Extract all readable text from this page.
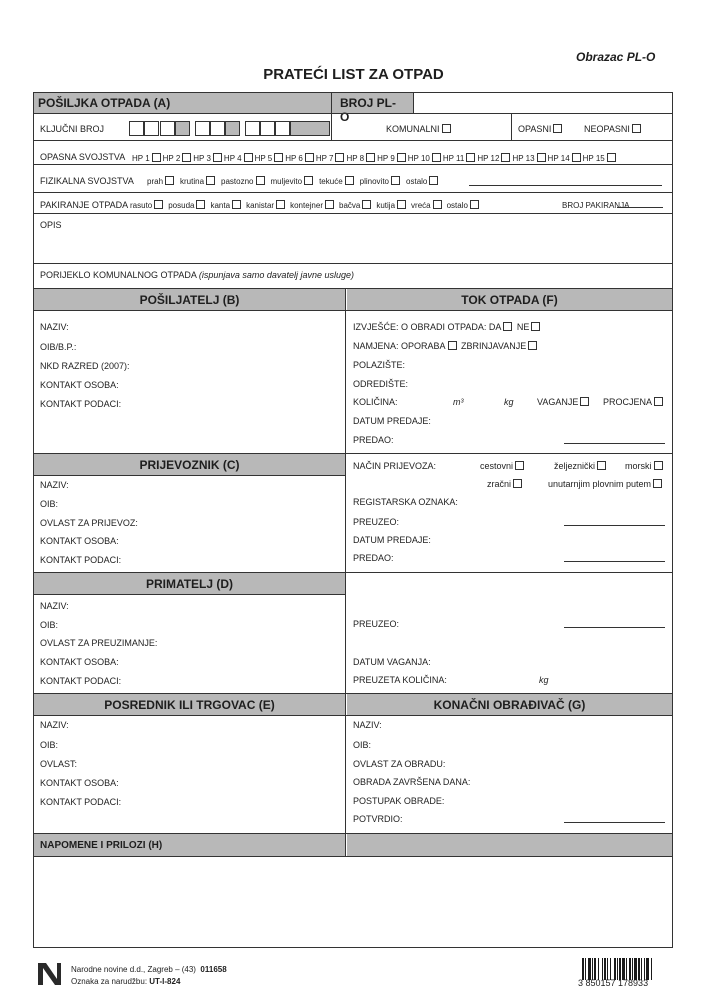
Obrazac PL-O
PRATEĆI LIST ZA OTPAD
POŠILJKA OTPADA (A)	BROJ PL-O
KLJUČNI BROJ	KOMUNALNI	OPASNI	NEOPASNI
OPASNA SVOJSTVA HP 1 HP 2 HP 3 HP 4 HP 5 HP 6 HP 7 HP 8 HP 9 HP 10 HP 11 HP 12 HP 13 HP 14 HP 15
FIZIKALNA SVOJSTVA prah krutina pastozno muljevito tekuće plinovito ostalo
PAKIRANJE OTPADA rasuto posuda kanta kanistar kontejner bačva kutija vreća ostalo	BROJ PAKIRANJA
OPIS
PORIJEKLO KOMUNALNOG OTPADA (ispunjava samo davatelj javne usluge)
POŠILJATELJ (B)	TOK OTPADA (F)
NAZIV:
OIB/B.P.:
NKD RAZRED (2007):
KONTAKT OSOBA:
KONTAKT PODACI:
IZVJEŠĆE: O OBRADI OTPADA: DA NE
NAMJENA: OPORABA ZBRINJAVANJE
POLAZIŠTE:
ODREDIŠTE:
KOLIČINA:	m³	kg	VAGANJE	PROCJENA
DATUM PREDAJE:
PREDAO:
PRIJEVOZNIK (C)
NAZIV:
OIB:
OVLAST ZA PRIJEVOZ:
KONTAKT OSOBA:
KONTAKT PODACI:
NAČIN PRIJEVOZA:	cestovni	željeznički	morski
zračni	unutarnjim plovnim putem
REGISTARSKA OZNAKA:
PREUZEO:
DATUM PREDAJE:
PREDAO:
PRIMATELJ (D)
NAZIV:
OIB:
OVLAST ZA PREUZIMANJE:
KONTAKT OSOBA:
KONTAKT PODACI:
PREUZEO:
DATUM VAGANJA:
PREUZETA KOLIČINA:	kg
POSREDNIK ILI TRGOVAC (E)	KONAČNI OBRAĐIVAČ (G)
NAZIV:
OIB:
OVLAST:
KONTAKT OSOBA:
KONTAKT PODACI:
NAZIV:
OIB:
OVLAST ZA OBRADU:
OBRADA ZAVRŠENA DANA:
POSTUPAK OBRADE:
POTVRDIO:
NAPOMENE I PRILOZI (H)
Narodne novine d.d., Zagreb – (43) 011658
Oznaka za narudžbu: UT-I-824	3 850157 178933
